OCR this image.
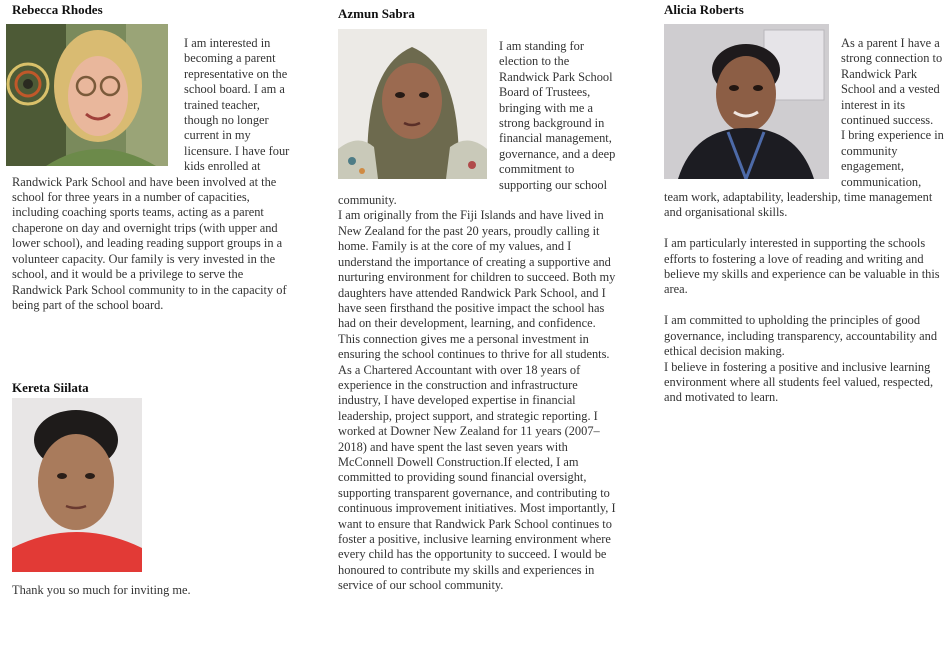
Rebecca Rhodes

I am interested in becoming a parent representative on the school board. I am a trained teacher, though no longer current in my licensure. I have four kids enrolled at Randwick Park School and have been involved at the school for three years in a number of capacities, including coaching sports teams, acting as a parent chaperone on day and overnight trips (with upper and lower school), and leading reading support groups in a volunteer capacity. Our family is very invested in the school, and it would be a privilege to serve the Randwick Park School community to in the capacity of being part of the school board.

Kereta Siilata

Thank you so much for inviting me.

Azmun Sabra

I am standing for election to the Randwick Park School Board of Trustees, bringing with me a strong background in financial management, governance, and a deep commitment to supporting our school community.

I am originally from the Fiji Islands and have lived in New Zealand for the past 20 years, proudly calling it home. Family is at the core of my values, and I understand the importance of creating a supportive and nurturing environment for children to succeed. Both my daughters have attended Randwick Park School, and I have seen firsthand the positive impact the school has had on their development, learning, and confidence. This connection gives me a personal investment in ensuring the school continues to thrive for all students.

As a Chartered Accountant with over 18 years of experience in the construction and infrastructure industry, I have developed expertise in financial leadership, project support, and strategic reporting. I worked at Downer New Zealand for 11 years (2007–2018) and have spent the last seven years with McConnell Dowell Construction.If elected, I am committed to providing sound financial oversight, supporting transparent governance, and contributing to continuous improvement initiatives. Most importantly, I want to ensure that Randwick Park School continues to foster a positive, inclusive learning environment where every child has the opportunity to succeed. I would be honoured to contribute my skills and experiences in service of our school community.

Alicia Roberts

As a parent I have a strong connection to Randwick Park School and a vested interest in its continued success.

I bring experience in community engagement, communication, team work, adaptability, leadership, time management and organisational skills.

I am particularly interested in supporting the schools efforts to fostering a love of reading and writing and believe my skills and experience can be valuable in this area.

I am committed to upholding the principles of good governance, including transparency, accountability and ethical decision making.

I believe in fostering a positive and inclusive learning environment where all students feel valued, respected, and motivated to learn.
